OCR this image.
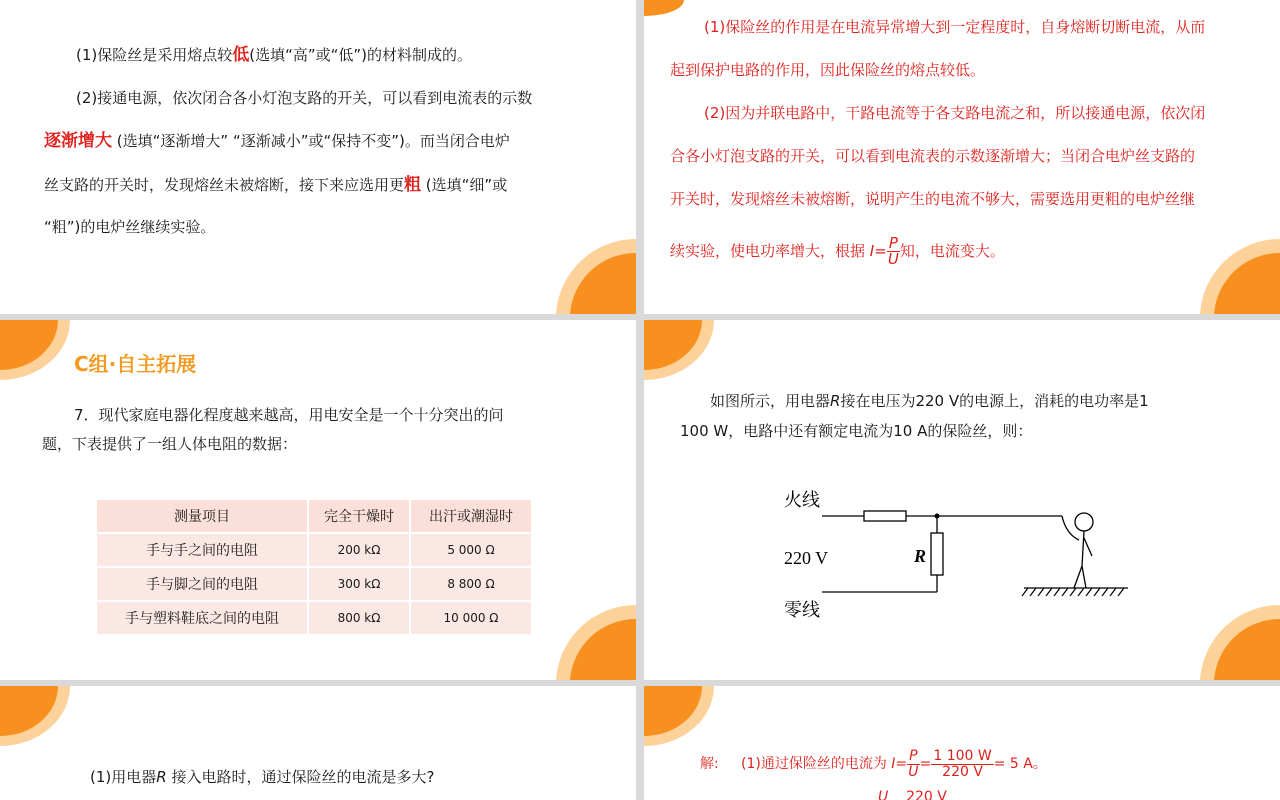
(1)保险丝是采用熔点较低(选填“高”或“低”)的材料制成的。
(2)接通电源，依次闭合各小灯泡支路的开关，可以看到电流表的示数
逐渐增大 (选填“逐渐增大” “逐渐减小”或“保持不变”)。而当闭合电炉
丝支路的开关时，发现熔丝未被熔断，接下来应选用更粗 (选填“细”或
“粗”)的电炉丝继续实验。
(1)保险丝的作用是在电流异常增大到一定程度时，自身熔断切断电流，从而
起到保护电路的作用，因此保险丝的熔点较低。
(2)因为并联电路中，干路电流等于各支路电流之和，所以接通电源，依次闭
合各小灯泡支路的开关，可以看到电流表的示数逐渐增大；当闭合电炉丝支路的
开关时，发现熔丝未被熔断，说明产生的电流不够大，需要选用更粗的电炉丝继
续实验，使电功率增大，根据 $I= \frac{P}{U}$ 知，电流变大。
C组·自主拓展
7．现代家庭电器化程度越来越高，用电安全是一个十分突出的问
题，下表提供了一组人体电阻的数据：
测量项目	完全干燥时	出汗或潮湿时
手与手之间的电阻	200 kΩ	5 000 Ω
手与脚之间的电阻	300 kΩ	8 800 Ω
手与塑料鞋底之间的电阻	800 kΩ	10 000 Ω
如图所示，用电器R接在电压为220 V的电源上，消耗的电功率是1
100 W，电路中还有额定电流为10 A的保险丝，则：
火线
220 V
零线
R
(1)用电器R 接入电路时，通过保险丝的电流是多大?
解: (1)通过保险丝的电流为 $I= \frac{P}{U} = \frac{1 100 W}{220 V} = 5$ A。
U 220 V
